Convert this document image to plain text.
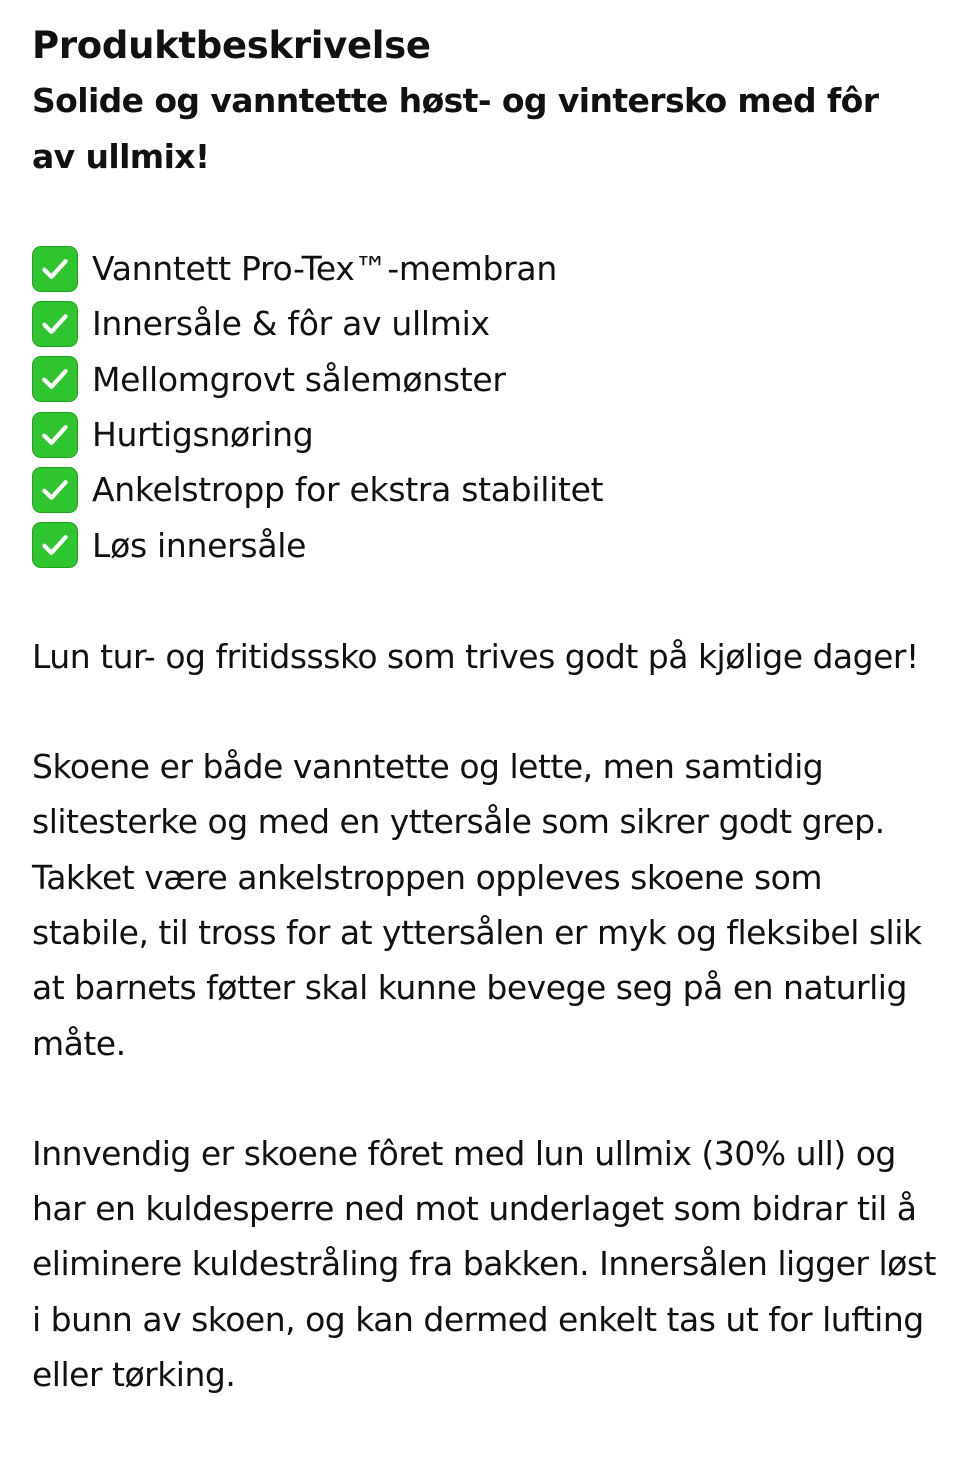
Produktbeskrivelse

Solide og vanntette høst- og vintersko med fôr av ullmix!

Vanntett Pro-Tex™-membran
Innersåle & fôr av ullmix
Mellomgrovt sålemønster
Hurtigsnøring
Ankelstropp for ekstra stabilitet
Løs innersåle

Lun tur- og fritidsssko som trives godt på kjølige dager!

Skoene er både vanntette og lette, men samtidig slitesterke og med en yttersåle som sikrer godt grep. Takket være ankelstroppen oppleves skoene som stabile, til tross for at yttersålen er myk og fleksibel slik at barnets føtter skal kunne bevege seg på en naturlig måte.

Innvendig er skoene fôret med lun ullmix (30% ull) og har en kuldesperre ned mot underlaget som bidrar til å eliminere kuldestråling fra bakken. Innersålen ligger løst i bunn av skoen, og kan dermed enkelt tas ut for lufting eller tørking.
